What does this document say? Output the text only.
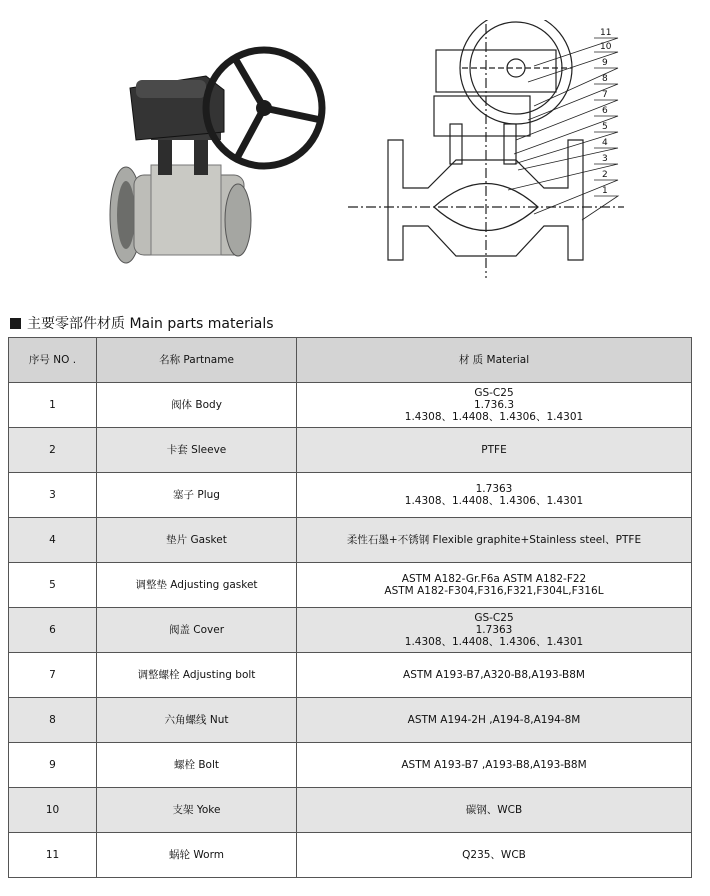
11
10
9
8
7
6
5
4
3
2
1
主要零部件材质 Main parts materials
序号 NO .	名称 Partname	材 质 Material
1	阀体 Body	GS-C25
1.736.3
1.4308、1.4408、1.4306、1.4301

2	卡套 Sleeve	PTFE

3	塞子 Plug	1.7363
1.4308、1.4408、1.4306、1.4301

4	垫片 Gasket	柔性石墨+不锈钢 Flexible graphite+Stainless steel、PTFE

5	调整垫 Adjusting gasket	ASTM A182-Gr.F6a ASTM A182-F22
ASTM A182-F304,F316,F321,F304L,F316L

6	阀盖 Cover	GS-C25
1.7363
1.4308、1.4408、1.4306、1.4301

7	调整螺栓 Adjusting bolt	ASTM A193-B7,A320-B8,A193-B8M

8	六角螺线 Nut	ASTM A194-2H ,A194-8,A194-8M

9	螺栓 Bolt	ASTM A193-B7 ,A193-B8,A193-B8M

10	支架 Yoke	碳钢、WCB

11	蜗轮 Worm	Q235、WCB
